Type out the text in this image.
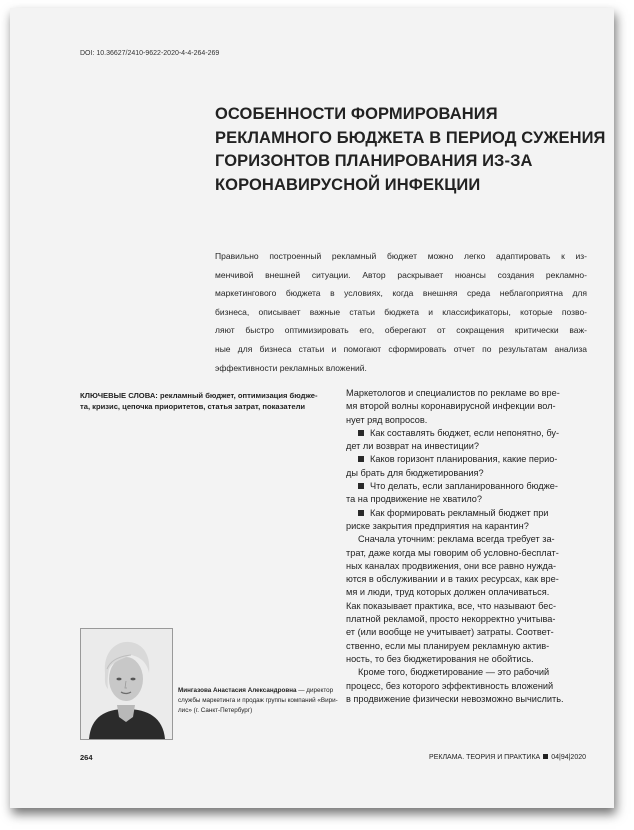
DOI: 10.36627/2410-9622-2020-4-4-264-269
ОСОБЕННОСТИ ФОРМИРОВАНИЯ
РЕКЛАМНОГО БЮДЖЕТА В ПЕРИОД СУЖЕНИЯ
ГОРИЗОНТОВ ПЛАНИРОВАНИЯ ИЗ-ЗА
КОРОНАВИРУСНОЙ ИНФЕКЦИИ
Правильно построенный рекламный бюджет можно легко адаптировать к из-
менчивой внешней ситуации. Автор раскрывает нюансы создания рекламно-
маркетингового бюджета в условиях, когда внешняя среда неблагоприятна для
бизнеса, описывает важные статьи бюджета и классификаторы, которые позво-
ляют быстро оптимизировать его, оберегают от сокращения критически важ-
ные для бизнеса статьи и помогают сформировать отчет по результатам анализа
эффективности рекламных вложений.
КЛЮЧЕВЫЕ СЛОВА: рекламный бюджет, оптимизация бюдже-
та, кризис, цепочка приоритетов, статья затрат, показатели
Маркетологов и специалистов по рекламе во вре-
мя второй волны коронавирусной инфекции вол-
нует ряд вопросов.
Как составлять бюджет, если непонятно, бу-
дет ли возврат на инвестиции?
Каков горизонт планирования, какие перио-
ды брать для бюджетирования?
Что делать, если запланированного бюдже-
та на продвижение не хватило?
Как формировать рекламный бюджет при
риске закрытия предприятия на карантин?
Сначала уточним: реклама всегда требует за-
трат, даже когда мы говорим об условно-бесплат-
ных каналах продвижения, они все равно нужда-
ются в обслуживании и в таких ресурсах, как вре-
мя и люди, труд которых должен оплачиваться.
Как показывает практика, все, что называют бес-
платной рекламой, просто некорректно учитыва-
ет (или вообще не учитывает) затраты. Соответ-
ственно, если мы планируем рекламную актив-
ность, то без бюджетирования не обойтись.
Кроме того, бюджетирование — это рабочий
процесс, без которого эффективность вложений
в продвижение физически невозможно вычислить.
Мингазова Анастасия Александровна — директор
службы маркетинга и продаж группы компаний «Вири-
лис» (г. Санкт-Петербург)
264	РЕКЛАМА. ТЕОРИЯ И ПРАКТИКА 04|94|2020
